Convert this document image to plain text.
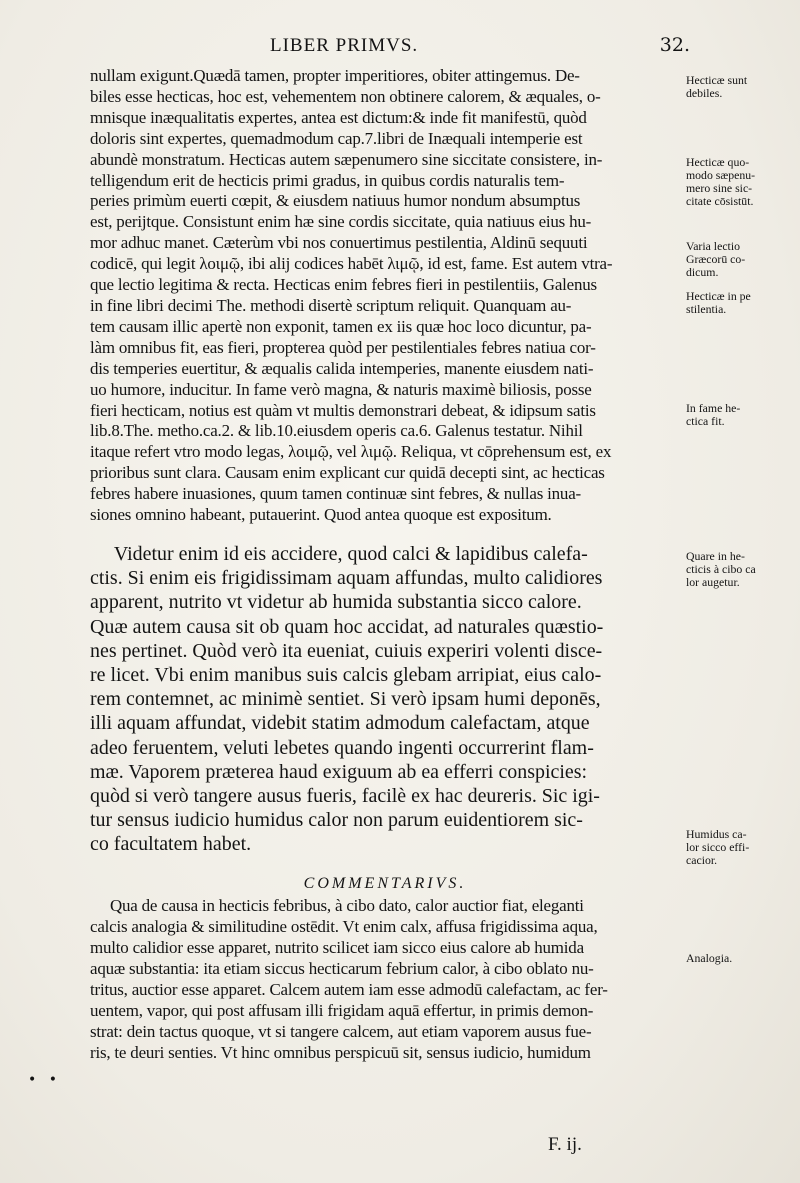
LIBER PRIMVS.	32.

nullam exigunt.Quædā tamen, propter imperitiores, obiter attingemus. De-
biles esse hecticas, hoc est, vehementem non obtinere calorem, & æquales, o-
mnisque inæqualitatis expertes, antea est dictum:& inde fit manifestū, quòd
doloris sint expertes, quemadmodum cap.7.libri de Inæquali intemperie est
abundè monstratum. Hecticas autem sæpenumero sine siccitate consistere, in-
telligendum erit de hecticis primi gradus, in quibus cordis naturalis tem-
peries primùm euerti cœpit, & eiusdem natiuus humor nondum absumptus
est, perijtque. Consistunt enim hæ sine cordis siccitate, quia natiuus eius hu-
mor adhuc manet. Cæterùm vbi nos conuertimus pestilentia, Aldinū sequuti
codicē, qui legit λοιμῷ, ibi alij codices habēt λιμῷ, id est, fame. Est autem vtra-
que lectio legitima & recta. Hecticas enim febres fieri in pestilentiis, Galenus
in fine libri decimi The. methodi disertè scriptum reliquit. Quanquam au-
tem causam illic apertè non exponit, tamen ex iis quæ hoc loco dicuntur, pa-
làm omnibus fit, eas fieri, propterea quòd per pestilentiales febres natiua cor-
dis temperies euertitur, & æqualis calida intemperies, manente eiusdem nati-
uo humore, inducitur. In fame verò magna, & naturis maximè biliosis, posse
fieri hecticam, notius est quàm vt multis demonstrari debeat, & idipsum satis
lib.8.The. metho.ca.2. & lib.10.eiusdem operis ca.6. Galenus testatur. Nihil
itaque refert vtro modo legas, λοιμῷ, vel λιμῷ. Reliqua, vt cōprehensum est, ex
prioribus sunt clara. Causam enim explicant cur quidā decepti sint, ac hecticas
febres habere inuasiones, quum tamen continuæ sint febres, & nullas inua-
siones omnino habeant, putauerint. Quod antea quoque est expositum.

Videtur enim id eis accidere, quod calci & lapidibus calefa-
ctis. Si enim eis frigidissimam aquam affundas, multo calidiores
apparent, nutrito vt videtur ab humida substantia sicco calore.
Quæ autem causa sit ob quam hoc accidat, ad naturales quæstio-
nes pertinet. Quòd verò ita eueniat, cuiuis experiri volenti disce-
re licet. Vbi enim manibus suis calcis glebam arripiat, eius calo-
rem contemnet, ac minimè sentiet. Si verò ipsam humi deponēs,
illi aquam affundat, videbit statim admodum calefactam, atque
adeo feruentem, veluti lebetes quando ingenti occurrerint flam-
mæ. Vaporem præterea haud exiguum ab ea efferri conspicies:
quòd si verò tangere ausus fueris, facilè ex hac deureris. Sic igi-
tur sensus iudicio humidus calor non parum euidentiorem sic-
co facultatem habet.

COMMENTARIVS.

Qua de causa in hecticis febribus, à cibo dato, calor auctior fiat, eleganti
calcis analogia & similitudine ostēdit. Vt enim calx, affusa frigidissima aqua,
multo calidior esse apparet, nutrito scilicet iam sicco eius calore ab humida
aquæ substantia: ita etiam siccus hecticarum febrium calor, à cibo oblato nu-
tritus, auctior esse apparet. Calcem autem iam esse admodū calefactam, ac fer-
uentem, vapor, qui post affusam illi frigidam aquā effertur, in primis demon-
strat: dein tactus quoque, vt si tangere calcem, aut etiam vaporem ausus fue-
ris, te deuri senties. Vt hinc omnibus perspicuū sit, sensus iudicio, humidum

F. ij.
• •
Hecticæ sunt
debiles.
Hecticæ quo-
modo sæpenu-
mero sine sic-
citate cōsistūt.
Varia lectio
Græcorū co-
dicum.
Hecticæ in pe
stilentia.
In fame he-
ctica fit.
Quare in he-
cticis à cibo ca
lor augetur.
Humidus ca-
lor sicco effi-
cacior.
Analogia.
